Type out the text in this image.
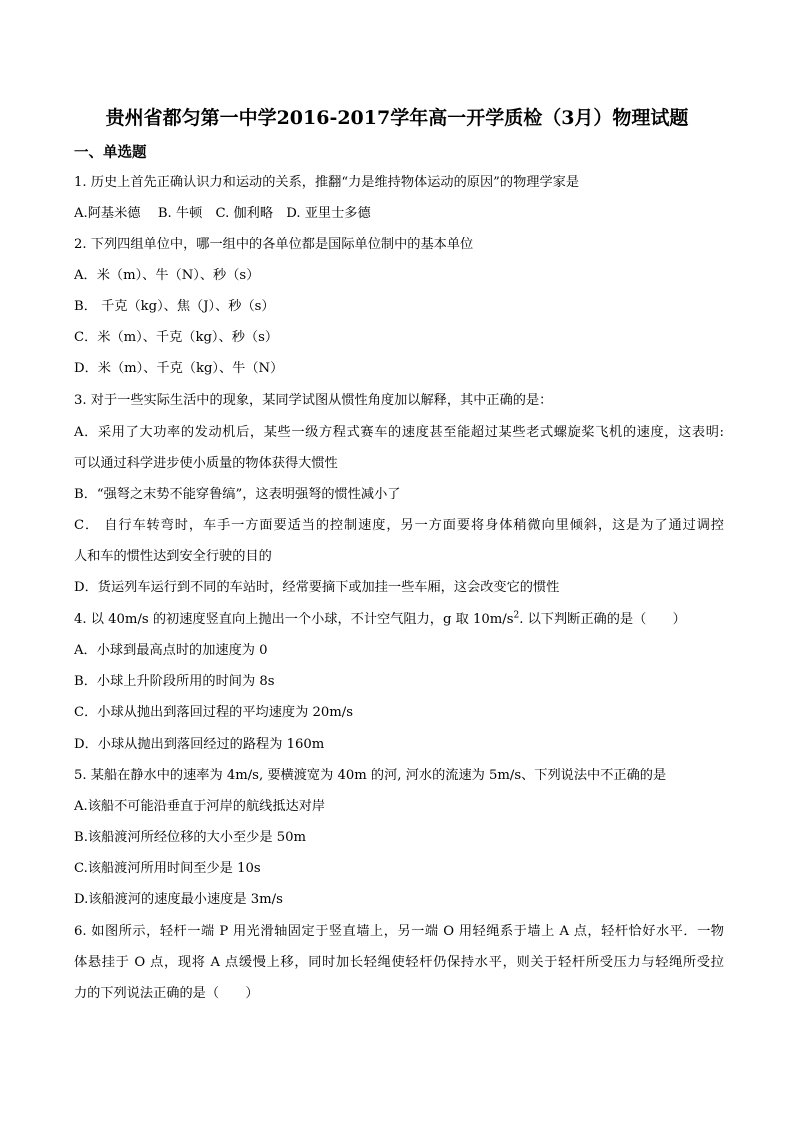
贵州省都匀第一中学2016-2017学年高一开学质检（3月）物理试题
一、单选题
1. 历史上首先正确认识力和运动的关系，推翻“力是维持物体运动的原因”的物理学家是
A.阿基米德　 B. 牛顿　C. 伽利略　D. 亚里士多德
2. 下列四组单位中，哪一组中的各单位都是国际单位制中的基本单位
A．米（m）、牛（N）、秒（s）
B． 千克（kg）、焦（J）、秒（s）
C．米（m）、千克（kg）、秒（s）
D．米（m）、千克（kg）、牛（N）
3. 对于一些实际生活中的现象，某同学试图从惯性角度加以解释，其中正确的是：
A．采用了大功率的发动机后，某些一级方程式赛车的速度甚至能超过某些老式螺旋桨飞机的速度，这表明:
可以通过科学进步使小质量的物体获得大惯性
B．“强弩之末势不能穿鲁缟”，这表明强弩的惯性减小了
C． 自行车转弯时，车手一方面要适当的控制速度，另一方面要将身体稍微向里倾斜，这是为了通过调控
人和车的惯性达到安全行驶的目的
D．货运列车运行到不同的车站时，经常要摘下或加挂一些车厢，这会改变它的惯性
4. 以 40m/s 的初速度竖直向上抛出一个小球，不计空气阻力，g 取 $10m/s^2$. 以下判断正确的是（　　）
A．小球到最高点时的加速度为 0
B．小球上升阶段所用的时间为 8s
C．小球从抛出到落回过程的平均速度为 20m/s
D．小球从抛出到落回经过的路程为 160m
5. 某船在静水中的速率为 4m/s, 要横渡宽为 40m 的河, 河水的流速为 5m/s、下列说法中不正确的是
A.该船不可能沿垂直于河岸的航线抵达对岸
B.该船渡河所经位移的大小至少是 50m
C.该船渡河所用时间至少是 10s
D.该船渡河的速度最小速度是 3m/s
6. 如图所示，轻杆一端 P 用光滑轴固定于竖直墙上，另一端 O 用轻绳系于墙上 A 点，轻杆恰好水平．一物
体悬挂于 O 点，现将 A 点缓慢上移，同时加长轻绳使轻杆仍保持水平，则关于轻杆所受压力与轻绳所受拉
力的下列说法正确的是（　　）
